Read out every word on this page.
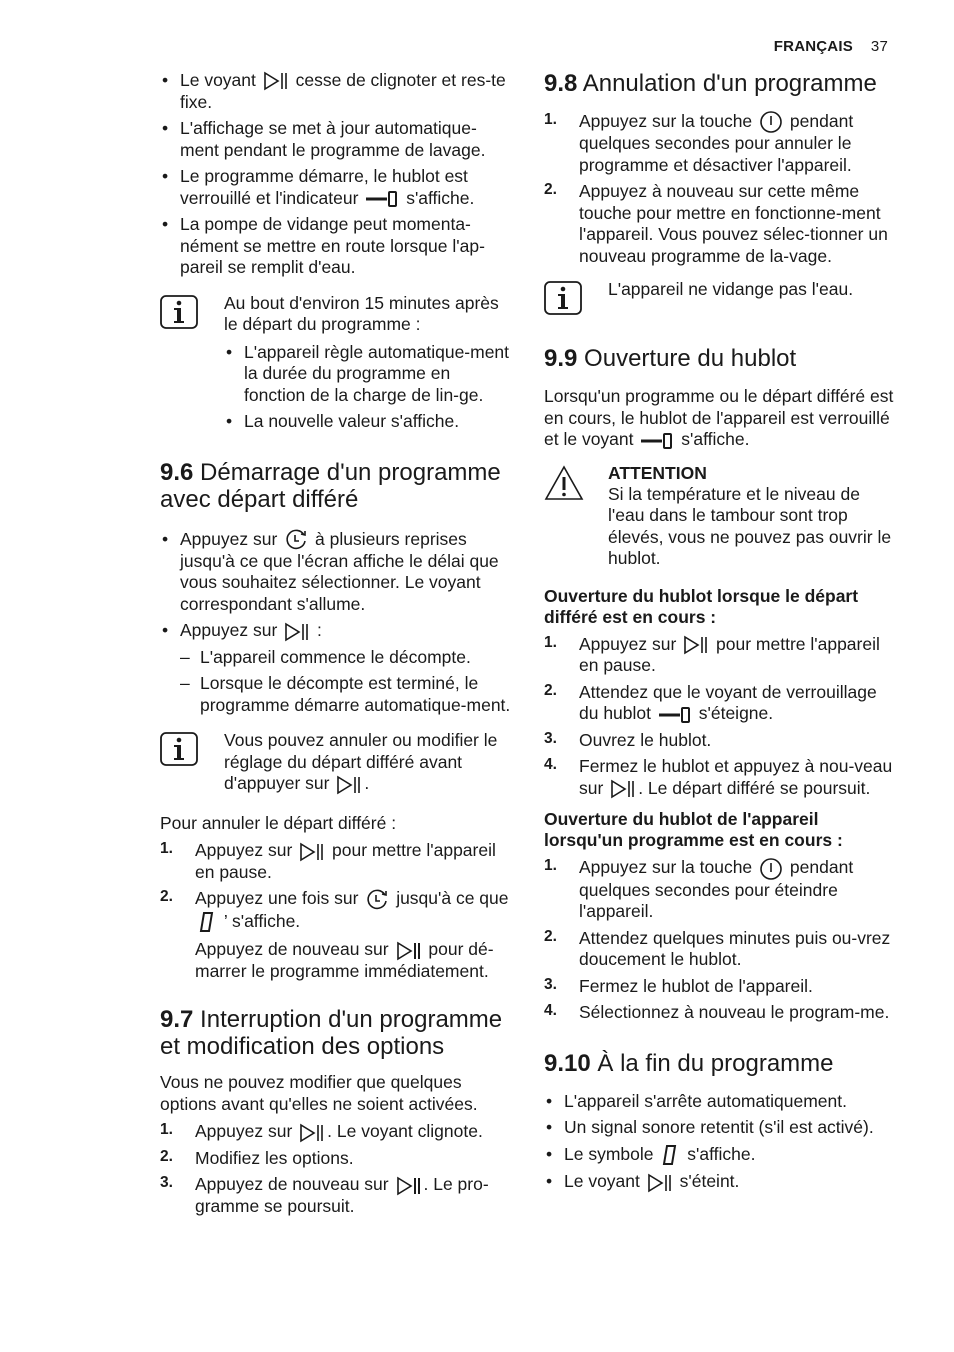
FRANÇAIS 37
• Le voyant cesse de clignoter et res-te fixe.
• L'affichage se met à jour automatique-ment pendant le programme de lavage.
• Le programme démarre, le hublot est verrouillé et l'indicateur	s'affiche.
• La pompe de vidange peut momenta-nément se mettre en route lorsque l'ap-pareil se remplit d'eau.
Au bout d'environ 15 minutes après le départ du programme :
• L'appareil règle automatique-ment la durée du programme en fonction de la charge de lin-ge.
• La nouvelle valeur s'affiche.
9.6 Démarrage d'un programme avec départ différé
• Appuyez sur à plusieurs reprises jusqu'à ce que l'écran affiche le délai que vous souhaitez sélectionner. Le voyant correspondant s'allume.
• Appuyez sur :
– L'appareil commence le décompte.
– Lorsque le décompte est terminé, le programme démarre automatique-ment.
Vous pouvez annuler ou modifier le réglage du départ différé avant d'appuyer sur .
Pour annuler le départ différé :
1. Appuyez sur pour mettre l'appareil en pause.
2. Appuyez une fois sur jusqu'à ce que  ’ s'affiche.
Appuyez de nouveau sur pour dé-marrer le programme immédiatement.
9.7 Interruption d'un programme et modification des options
Vous ne pouvez modifier que quelques options avant qu'elles ne soient activées.
1. Appuyez sur . Le voyant clignote.
2. Modifiez les options.
3. Appuyez de nouveau sur . Le pro-gramme se poursuit.
9.8 Annulation d'un programme
1. Appuyez sur la touche pendant quelques secondes pour annuler le programme et désactiver l'appareil.
2. Appuyez à nouveau sur cette même touche pour mettre en fonctionne-ment l'appareil. Vous pouvez sélec-tionner un nouveau programme de la-vage.
L'appareil ne vidange pas l'eau.
9.9 Ouverture du hublot
Lorsqu'un programme ou le départ différé est en cours, le hublot de l'appareil est verrouillé et le voyant	s'affiche.
ATTENTION
Si la température et le niveau de l'eau dans le tambour sont trop élevés, vous ne pouvez pas ouvrir le hublot.
Ouverture du hublot lorsque le départ différé est en cours :
1. Appuyez sur pour mettre l'appareil en pause.
2. Attendez que le voyant de verrouillage du hublot	s'éteigne.
3. Ouvrez le hublot.
4. Fermez le hublot et appuyez à nou-veau sur . Le départ différé se poursuit.
Ouverture du hublot de l'appareil lorsqu'un programme est en cours :
1. Appuyez sur la touche pendant quelques secondes pour éteindre l'appareil.
2. Attendez quelques minutes puis ou-vrez doucement le hublot.
3. Fermez le hublot de l'appareil.
4. Sélectionnez à nouveau le program-me.
9.10 À la fin du programme
• L'appareil s'arrête automatiquement.
• Un signal sonore retentit (s'il est activé).
• Le symbole s'affiche.
• Le voyant s'éteint.
